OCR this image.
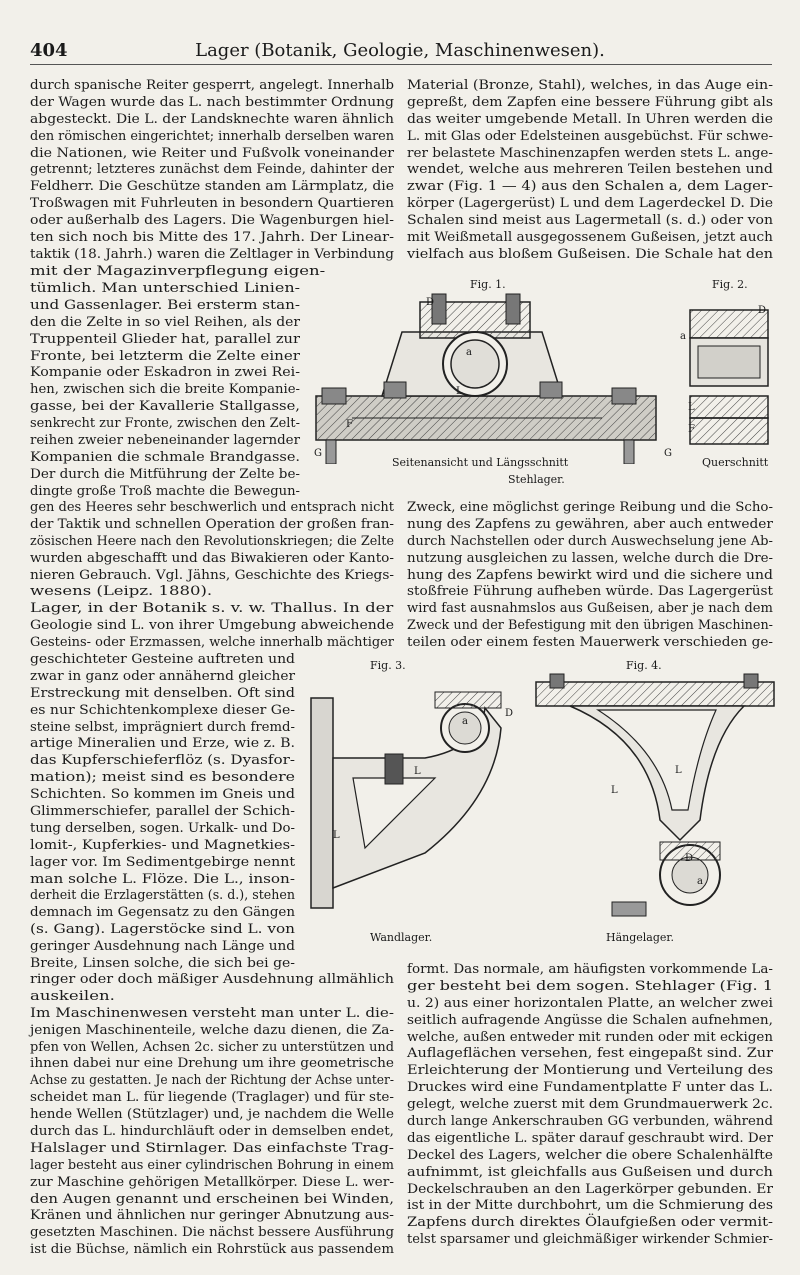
404	Lager (Botanik, Geologie, Maschinenwesen).
durch spanische Reiter gesperrt, angelegt. Innerhalb
der Wagen wurde das L. nach bestimmter Ordnung
abgesteckt. Die L. der Landsknechte waren ähnlich
den römischen eingerichtet; innerhalb derselben waren
die Nationen, wie Reiter und Fußvolk voneinander
getrennt; letzteres zunächst dem Feinde, dahinter der
Feldherr. Die Geschütze standen am Lärmplatz, die
Troßwagen mit Fuhrleuten in besondern Quartieren
oder außerhalb des Lagers. Die Wagenburgen hiel-
ten sich noch bis Mitte des 17. Jahrh. Der Linear-
taktik (18. Jahrh.) waren die Zeltlager in Verbindung
mit der Magazinverpflegung eigen-
tümlich. Man unterschied Linien-
und Gassenlager. Bei ersterm stan-
den die Zelte in so viel Reihen, als der
Truppenteil Glieder hat, parallel zur
Fronte, bei letzterm die Zelte einer
Kompanie oder Eskadron in zwei Rei-
hen, zwischen sich die breite Kompanie-
gasse, bei der Kavallerie Stallgasse,
senkrecht zur Fronte, zwischen den Zelt-
reihen zweier nebeneinander lagernder
Kompanien die schmale Brandgasse.
Der durch die Mitführung der Zelte be-
dingte große Troß machte die Bewegun-
gen des Heeres sehr beschwerlich und entsprach nicht
der Taktik und schnellen Operation der großen fran-
zösischen Heere nach den Revolutionskriegen; die Zelte
wurden abgeschafft und das Biwakieren oder Kanto-
nieren Gebrauch. Vgl. Jähns, Geschichte des Kriegs-
wesens (Leipz. 1880).
Lager, in der Botanik s. v. w. Thallus. In der
Geologie sind L. von ihrer Umgebung abweichende
Gesteins- oder Erzmassen, welche innerhalb mächtiger
geschichteter Gesteine auftreten und
zwar in ganz oder annähernd gleicher
Erstreckung mit denselben. Oft sind
es nur Schichtenkomplexe dieser Ge-
steine selbst, imprägniert durch fremd-
artige Mineralien und Erze, wie z. B.
das Kupferschieferflöz (s. Dyasfor-
mation); meist sind es besondere
Schichten. So kommen im Gneis und
Glimmerschiefer, parallel der Schich-
tung derselben, sogen. Urkalk- und Do-
lomit-, Kupferkies- und Magnetkies-
lager vor. Im Sedimentgebirge nennt
man solche L. Flöze. Die L., inson-
derheit die Erzlagerstätten (s. d.), stehen
demnach im Gegensatz zu den Gängen
(s. Gang). Lagerstöcke sind L. von
geringer Ausdehnung nach Länge und
Breite, Linsen solche, die sich bei ge-
ringer oder doch mäßiger Ausdehnung allmählich
auskeilen.
Im Maschinenwesen versteht man unter L. die-
jenigen Maschinenteile, welche dazu dienen, die Za-
pfen von Wellen, Achsen 2c. sicher zu unterstützen und
ihnen dabei nur eine Drehung um ihre geometrische
Achse zu gestatten. Je nach der Richtung der Achse unter-
scheidet man L. für liegende (Traglager) und für ste-
hende Wellen (Stützlager) und, je nachdem die Welle
durch das L. hindurchläuft oder in demselben endet,
Halslager und Stirnlager. Das einfachste Trag-
lager besteht aus einer cylindrischen Bohrung in einem
zur Maschine gehörigen Metallkörper. Diese L. wer-
den Augen genannt und erscheinen bei Winden,
Kränen und ähnlichen nur geringer Abnutzung aus-
gesetzten Maschinen. Die nächst bessere Ausführung
ist die Büchse, nämlich ein Rohrstück aus passendem
Material (Bronze, Stahl), welches, in das Auge ein-
gepreßt, dem Zapfen eine bessere Führung gibt als
das weiter umgebende Metall. In Uhren werden die
L. mit Glas oder Edelsteinen ausgebüchst. Für schwe-
rer belastete Maschinenzapfen werden stets L. ange-
wendet, welche aus mehreren Teilen bestehen und
zwar (Fig. 1 — 4) aus den Schalen a, dem Lager-
körper (Lagergerüst) L und dem Lagerdeckel D. Die
Schalen sind meist aus Lagermetall (s. d.) oder von
mit Weißmetall ausgegossenem Gußeisen, jetzt auch
vielfach aus bloßem Gußeisen. Die Schale hat den
Zweck, eine möglichst geringe Reibung und die Scho-
nung des Zapfens zu gewähren, aber auch entweder
durch Nachstellen oder durch Auswechselung jene Ab-
nutzung ausgleichen zu lassen, welche durch die Dre-
hung des Zapfens bewirkt wird und die sichere und
stoßfreie Führung aufheben würde. Das Lagergerüst
wird fast ausnahmslos aus Gußeisen, aber je nach dem
Zweck und der Befestigung mit den übrigen Maschinen-
teilen oder einem festen Mauerwerk verschieden ge-
formt. Das normale, am häufigsten vorkommende La-
ger besteht bei dem sogen. Stehlager (Fig. 1
u. 2) aus einer horizontalen Platte, an welcher zwei
seitlich aufragende Angüsse die Schalen aufnehmen,
welche, außen entweder mit runden oder mit eckigen
Auflageflächen versehen, fest eingepaßt sind. Zur
Erleichterung der Montierung und Verteilung des
Druckes wird eine Fundamentplatte F unter das L.
gelegt, welche zuerst mit dem Grundmauerwerk 2c.
durch lange Ankerschrauben GG verbunden, während
das eigentliche L. später darauf geschraubt wird. Der
Deckel des Lagers, welcher die obere Schalenhälfte
aufnimmt, ist gleichfalls aus Gußeisen und durch
Deckelschrauben an den Lagerkörper gebunden. Er
ist in der Mitte durchbohrt, um die Schmierung des
Zapfens durch direktes Ölaufgießen oder vermit-
telst sparsamer und gleichmäßiger wirkender Schmier-
Fig. 1.
D
a
L
F
G	G
Seitenansicht und Längsschnitt
Fig. 2.
D
a
L
F
Querschnitt
Stehlager.
Fig. 3.
a
D
L
L
Wandlager.
Fig. 4.
L
L
D
a
Hängelager.
